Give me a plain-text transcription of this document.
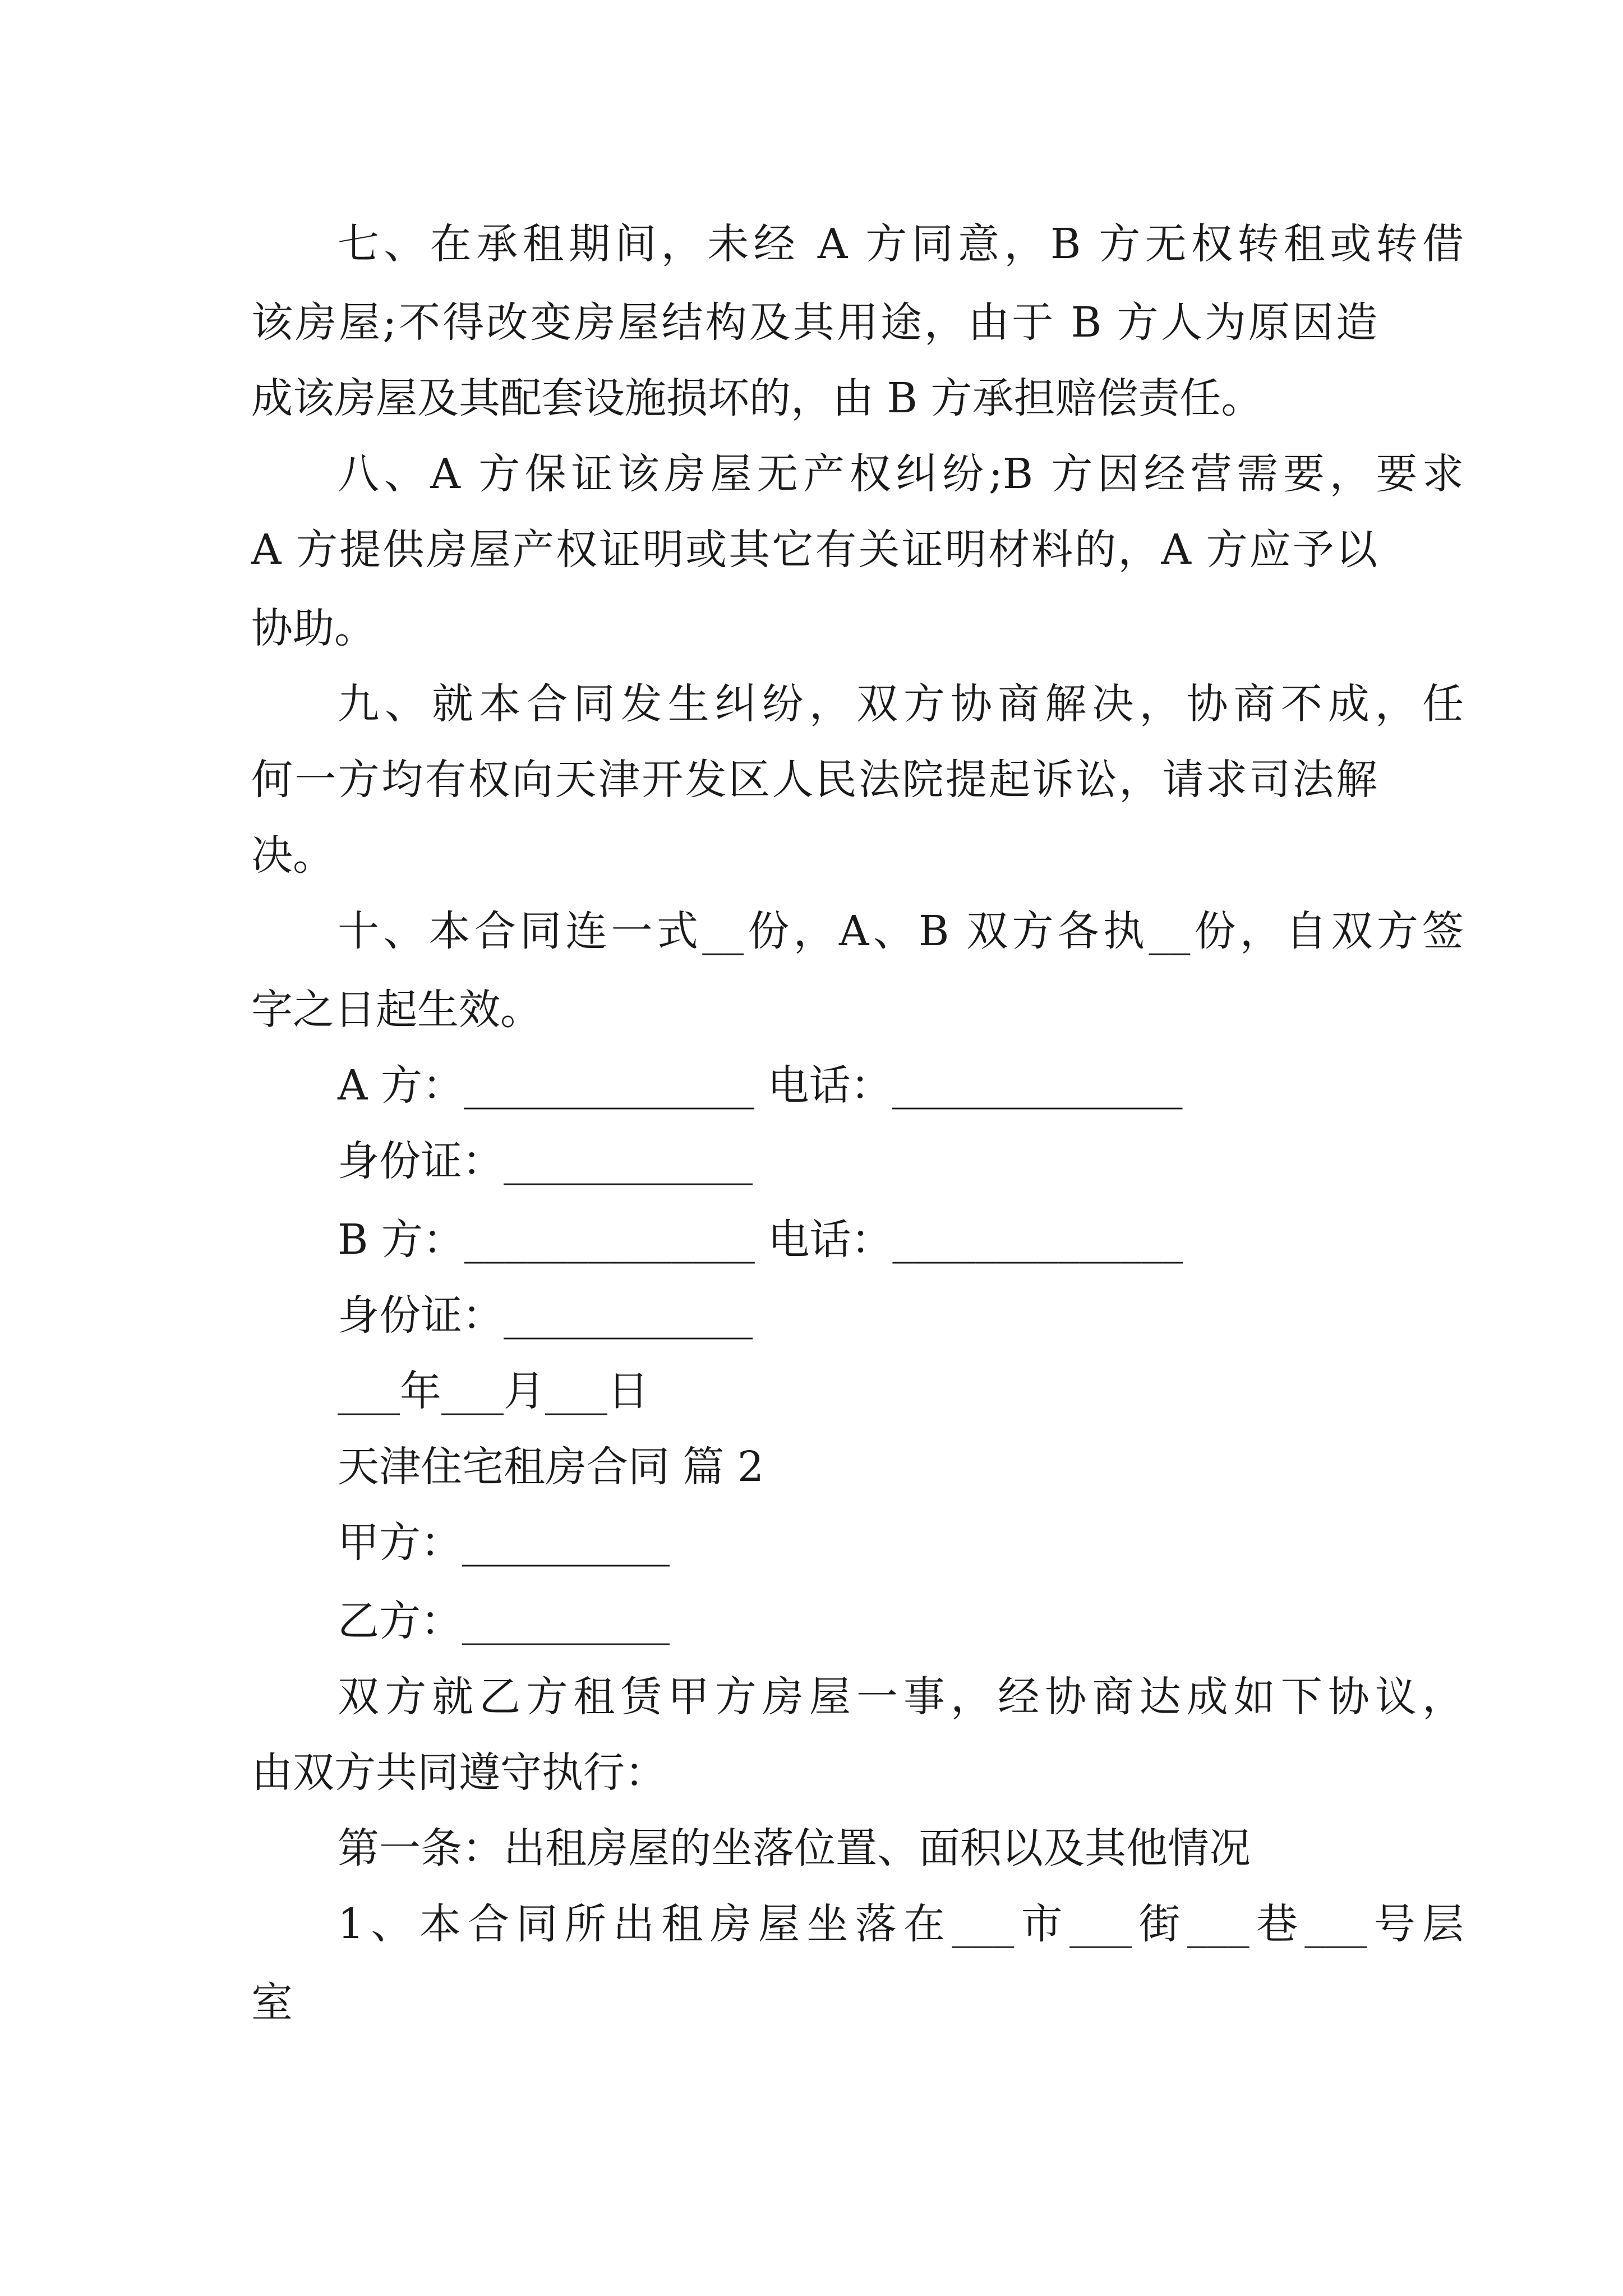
七、在承租期间，未经 A 方同意，B 方无权转租或转借
该房屋;不得改变房屋结构及其用途，由于 B 方人为原因造
成该房屋及其配套设施损坏的，由 B 方承担赔偿责任。
八、A 方保证该房屋无产权纠纷;B 方因经营需要，要求
A 方提供房屋产权证明或其它有关证明材料的，A 方应予以
协助。
九、就本合同发生纠纷，双方协商解决，协商不成，任
何一方均有权向天津开发区人民法院提起诉讼，请求司法解
决。
十、本合同连一式__份，A、B 双方各执__份，自双方签
字之日起生效。
A 方：______________ 电话：______________
身份证：____________
B 方：______________ 电话：______________
身份证：____________
___年___月___日
天津住宅租房合同 篇 2
甲方：__________
乙方：__________
双方就乙方租赁甲方房屋一事，经协商达成如下协议，
由双方共同遵守执行：
第一条：出租房屋的坐落位置、面积以及其他情况
1、本合同所出租房屋坐落在___市___街___巷___号层
室
